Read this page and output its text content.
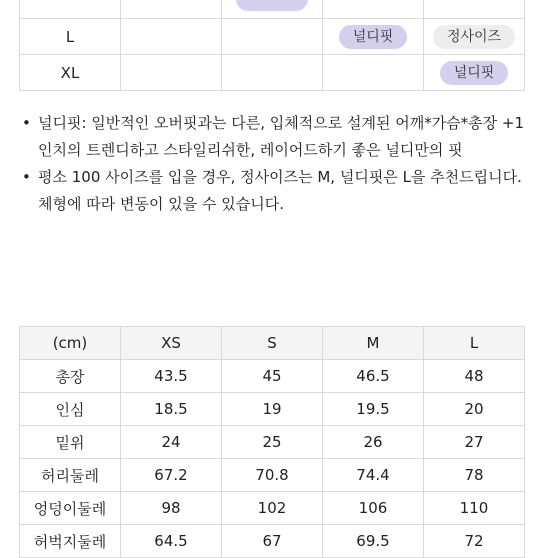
L			널디핏	정사이즈
XL				널디핏
• 널디핏: 일반적인 오버핏과는 다른, 입체적으로 설계된 어깨*가슴*총장 +1
인치의 트렌디하고 스타일리쉬한, 레이어드하기 좋은 널디만의 핏
• 평소 100 사이즈를 입을 경우, 정사이즈는 M, 널디핏은 L을 추천드립니다.
체형에 따라 변동이 있을 수 있습니다.
(cm)	XS	S	M	L
총장	43.5	45	46.5	48
인심	18.5	19	19.5	20
밑위	24	25	26	27
허리둘레	67.2	70.8	74.4	78
엉덩이둘레	98	102	106	110
허벅지둘레	64.5	67	69.5	72
